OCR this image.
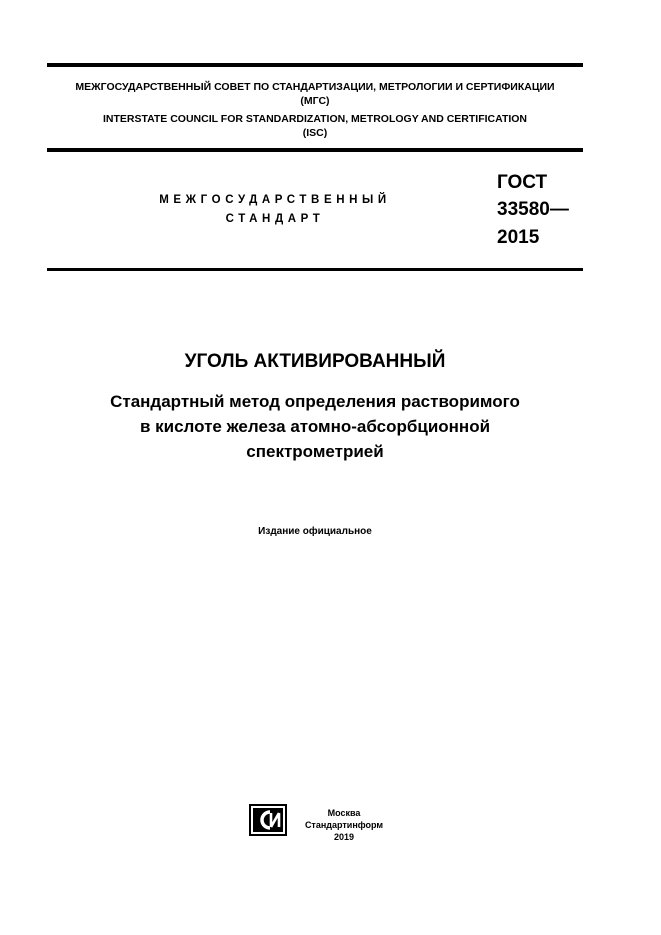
МЕЖГОСУДАРСТВЕННЫЙ СОВЕТ ПО СТАНДАРТИЗАЦИИ, МЕТРОЛОГИИ И СЕРТИФИКАЦИИ
(МГС)
INTERSTATE COUNCIL FOR STANDARDIZATION, METROLOGY AND CERTIFICATION
(ISC)
МЕЖГОСУДАРСТВЕННЫЙ
СТАНДАРТ
ГОСТ
33580—
2015
УГОЛЬ АКТИВИРОВАННЫЙ
Стандартный метод определения растворимого
в кислоте железа атомно-абсорбционной
спектрометрией
Издание официальное
Москва
Стандартинформ
2019
